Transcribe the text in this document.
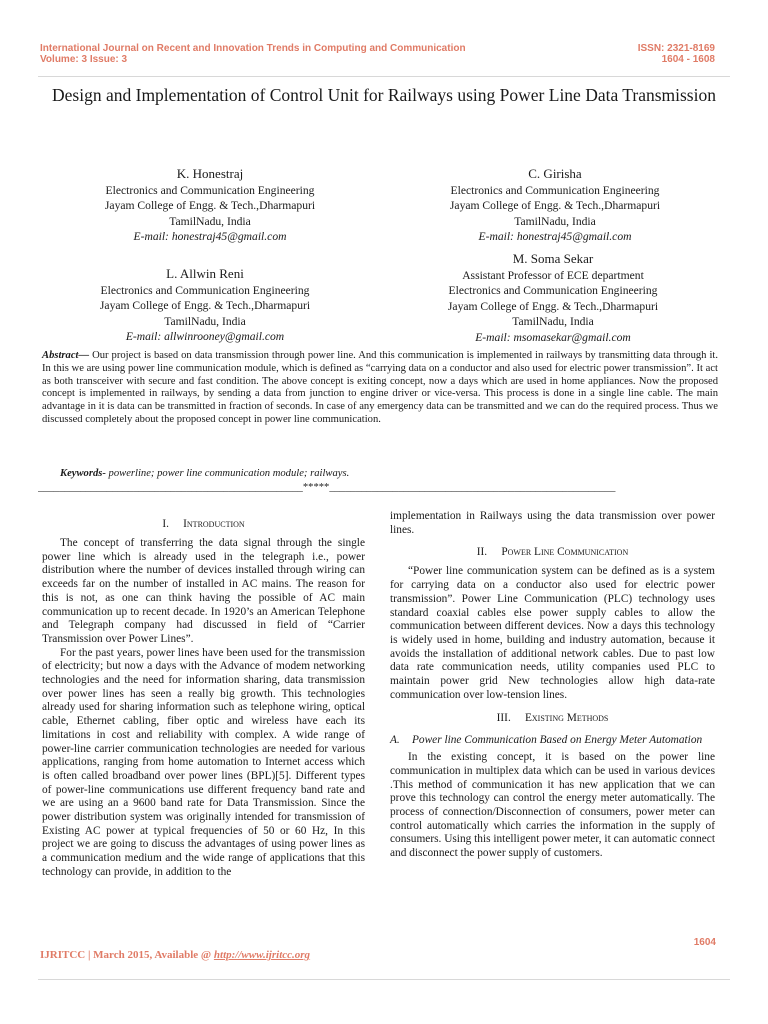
International Journal on Recent and Innovation Trends in Computing and Communication
Volume: 3 Issue: 3
ISSN: 2321-8169
1604 - 1608
Design and Implementation of Control Unit for Railways using Power Line Data Transmission
K. Honestraj
Electronics and Communication Engineering
Jayam College of Engg. & Tech.,Dharmapuri
TamilNadu, India
E-mail: honestraj45@gmail.com
C. Girisha
Electronics and Communication Engineering
Jayam College of Engg. & Tech.,Dharmapuri
TamilNadu, India
E-mail: honestraj45@gmail.com
L. Allwin Reni
Electronics and Communication Engineering
Jayam College of Engg. & Tech.,Dharmapuri
TamilNadu, India
E-mail: allwinrooney@gmail.com
M. Soma Sekar
Assistant Professor of ECE department
Electronics and Communication Engineering
Jayam College of Engg. & Tech.,Dharmapuri
TamilNadu, India
E-mail: msomasekar@gmail.com
Abstract— Our project is based on data transmission through power line. And this communication is implemented in railways by transmitting data through it. In this we are using power line communication module, which is defined as “carrying data on a conductor and also used for electric power transmission”. It act as both transceiver with secure and fast condition. The above concept is exiting concept, now a days which are used in home appliances. Now the proposed concept is implemented in railways, by sending a data from junction to engine driver or vice-versa. This process is done in a single line cable. The main advantage in it is data can be transmitted in fraction of seconds. In case of any emergency data can be transmitted and we can do the required process. Thus we discussed completely about the proposed concept in power line communication.
Keywords- powerline; power line communication module; railways.
__________________________________________________*****______________________________________________________
I. Introduction

The concept of transferring the data signal through the single power line which is already used in the telegraph i.e., power distribution where the number of devices installed through wiring can exceeds far on the number of installed in AC mains. The reason for this is not, as one can think having the possible of AC main communication up to recent decade. In 1920’s an American Telephone and Telegraph company had discussed in field of “Carrier Transmission over Power Lines”.

For the past years, power lines have been used for the transmission of electricity; but now a days with the Advance of modem networking technologies and the need for information sharing, data transmission over power lines has seen a really big growth. This technologies already used for sharing information such as telephone wiring, optical cable, Ethernet cabling, fiber optic and wireless have each its limitations in cost and reliability with complex. A wide range of power-line carrier communication technologies are needed for various applications, ranging from home automation to Internet access which is often called broadband over power lines (BPL)[5]. Different types of power-line communications use different frequency band rate and we are using an a 9600 band rate for Data Transmission. Since the power distribution system was originally intended for transmission of Existing AC power at typical frequencies of 50 or 60 Hz, In this project we are going to discuss the advantages of using power lines as a communication medium and the wide range of applications that this technology can provide, in addition to the

implementation in Railways using the data transmission over power lines.

II. Power Line Communication

“Power line communication system can be defined as is a system for carrying data on a conductor also used for electric power transmission”. Power Line Communication (PLC) technology uses standard coaxial cables else power supply cables to allow the communication between different devices. Now a days this technology is widely used in home, building and industry automation, because it avoids the installation of additional network cables. Due to past low data rate communication needs, utility companies used PLC to maintain power grid New technologies allow high data-rate communication over low-tension lines.

III. Existing Methods
A.	Power line Communication Based on Energy Meter Automation

In the existing concept, it is based on the power line communication in multiplex data which can be used in various devices .This method of communication it has new application that we can prove this technology can control the energy meter automatically. The process of connection/Disconnection of consumers, power meter can control automatically which carries the information in the supply of consumers. Using this intelligent power meter, it can automatic connect and disconnect the power supply of customers.

1604
IJRITCC | March 2015, Available @ http://www.ijritcc.org
